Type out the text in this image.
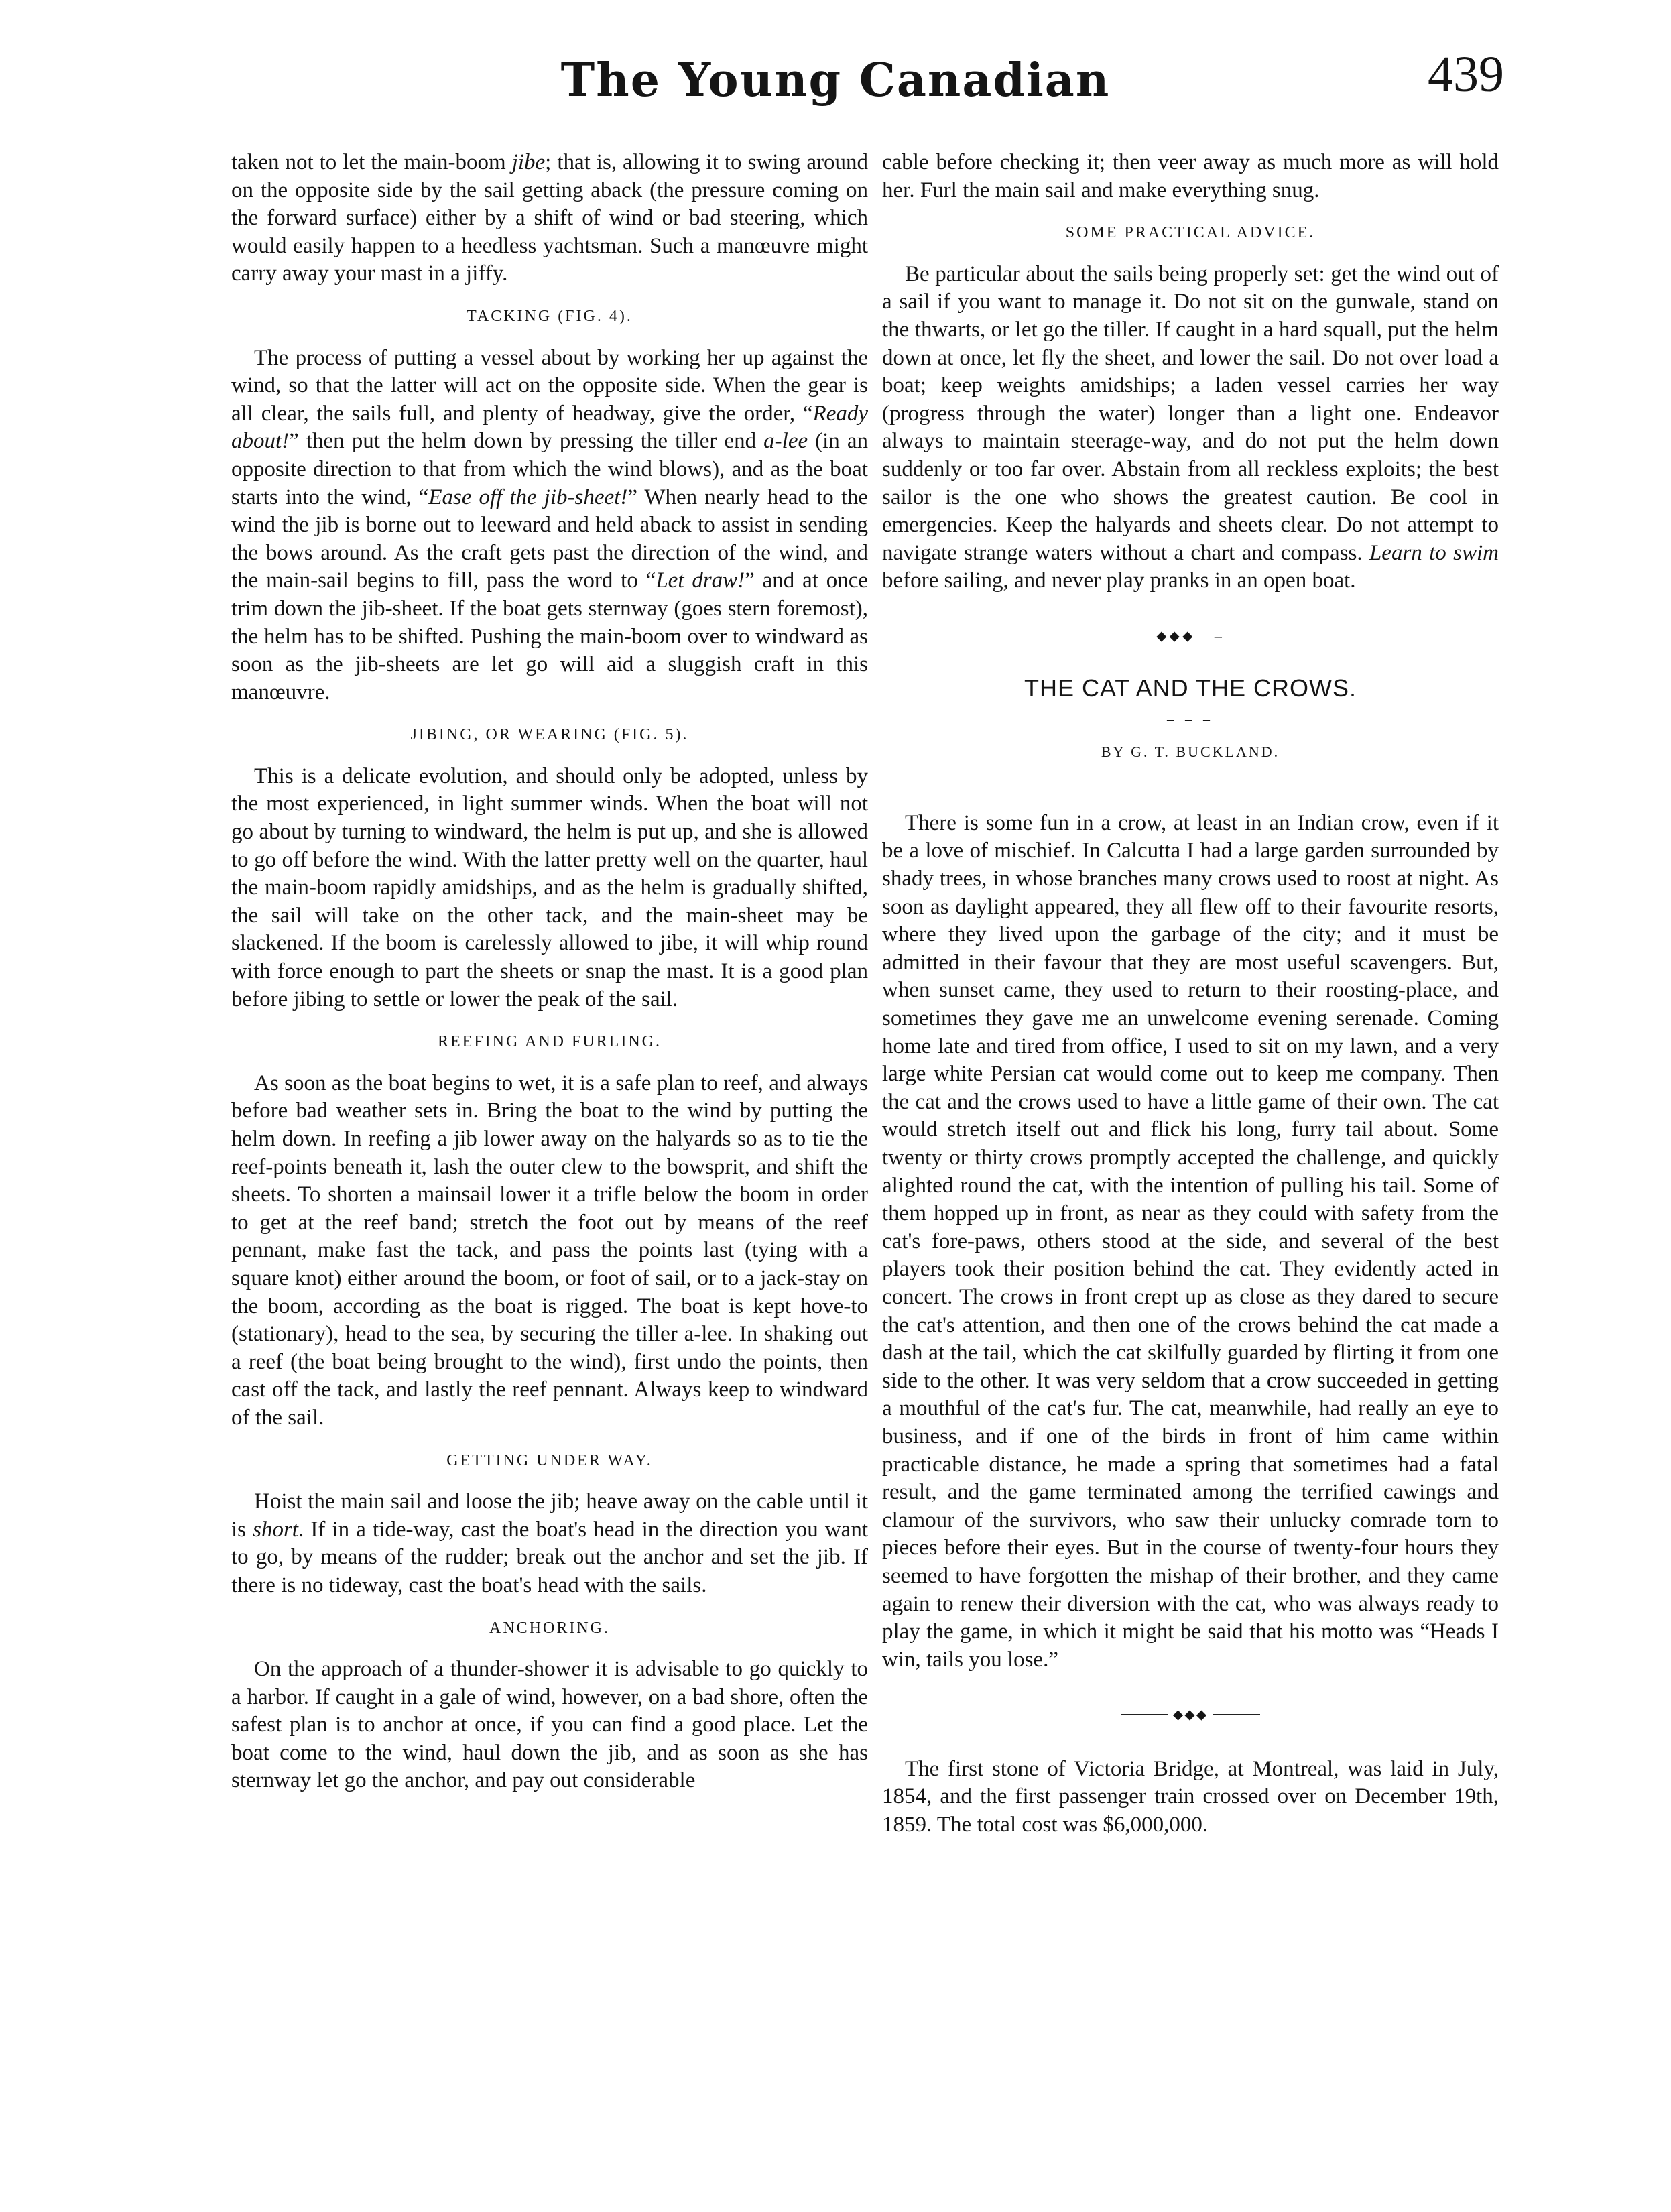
The Young Canadian	439

taken not to let the main-boom jibe; that is, allowing it to swing around on the opposite side by the sail getting aback (the pressure coming on the forward surface) either by a shift of wind or bad steering, which would easily happen to a heedless yachtsman. Such a manœuvre might carry away your mast in a jiffy.

TACKING (FIG. 4).

The process of putting a vessel about by working her up against the wind, so that the latter will act on the opposite side. When the gear is all clear, the sails full, and plenty of headway, give the order, “Ready about!” then put the helm down by pressing the tiller end a-lee (in an opposite direction to that from which the wind blows), and as the boat starts into the wind, “Ease off the jib-sheet!” When nearly head to the wind the jib is borne out to leeward and held aback to assist in sending the bows around. As the craft gets past the direction of the wind, and the main-sail begins to fill, pass the word to “Let draw!” and at once trim down the jib-sheet. If the boat gets sternway (goes stern foremost), the helm has to be shifted. Pushing the main-boom over to windward as soon as the jib-sheets are let go will aid a sluggish craft in this manœuvre.

JIBING, OR WEARING (FIG. 5).

This is a delicate evolution, and should only be adopted, unless by the most experienced, in light summer winds. When the boat will not go about by turning to windward, the helm is put up, and she is allowed to go off before the wind. With the latter pretty well on the quarter, haul the main-boom rapidly amidships, and as the helm is gradually shifted, the sail will take on the other tack, and the main-sheet may be slackened. If the boom is carelessly allowed to jibe, it will whip round with force enough to part the sheets or snap the mast. It is a good plan before jibing to settle or lower the peak of the sail.

REEFING AND FURLING.

As soon as the boat begins to wet, it is a safe plan to reef, and always before bad weather sets in. Bring the boat to the wind by putting the helm down. In reefing a jib lower away on the halyards so as to tie the reef-points beneath it, lash the outer clew to the bowsprit, and shift the sheets. To shorten a mainsail lower it a trifle below the boom in order to get at the reef band; stretch the foot out by means of the reef pennant, make fast the tack, and pass the points last (tying with a square knot) either around the boom, or foot of sail, or to a jack-stay on the boom, according as the boat is rigged. The boat is kept hove-to (stationary), head to the sea, by securing the tiller a-lee. In shaking out a reef (the boat being brought to the wind), first undo the points, then cast off the tack, and lastly the reef pennant. Always keep to windward of the sail.

GETTING UNDER WAY.

Hoist the main sail and loose the jib; heave away on the cable until it is short. If in a tide-way, cast the boat's head in the direction you want to go, by means of the rudder; break out the anchor and set the jib. If there is no tideway, cast the boat's head with the sails.

ANCHORING.

On the approach of a thunder-shower it is advisable to go quickly to a harbor. If caught in a gale of wind, however, on a bad shore, often the safest plan is to anchor at once, if you can find a good place. Let the boat come to the wind, haul down the jib, and as soon as she has sternway let go the anchor, and pay out considerable

cable before checking it; then veer away as much more as will hold her. Furl the main sail and make everything snug.

SOME PRACTICAL ADVICE.

Be particular about the sails being properly set: get the wind out of a sail if you want to manage it. Do not sit on the gunwale, stand on the thwarts, or let go the tiller. If caught in a hard squall, put the helm down at once, let fly the sheet, and lower the sail. Do not over load a boat; keep weights amidships; a laden vessel carries her way (progress through the water) longer than a light one. Endeavor always to maintain steerage-way, and do not put the helm down suddenly or too far over. Abstain from all reckless exploits; the best sailor is the one who shows the greatest caution. Be cool in emergencies. Keep the halyards and sheets clear. Do not attempt to navigate strange waters without a chart and compass. Learn to swim before sailing, and never play pranks in an open boat.

⬥⬥⬥   –
THE CAT AND THE CROWS.
– – –
BY G. T. BUCKLAND.
– – – –

There is some fun in a crow, at least in an Indian crow, even if it be a love of mischief. In Calcutta I had a large garden surrounded by shady trees, in whose branches many crows used to roost at night. As soon as daylight appeared, they all flew off to their favourite resorts, where they lived upon the garbage of the city; and it must be admitted in their favour that they are most useful scavengers. But, when sunset came, they used to return to their roosting-place, and sometimes they gave me an unwelcome evening serenade. Coming home late and tired from office, I used to sit on my lawn, and a very large white Persian cat would come out to keep me company. Then the cat and the crows used to have a little game of their own. The cat would stretch itself out and flick his long, furry tail about. Some twenty or thirty crows promptly accepted the challenge, and quickly alighted round the cat, with the intention of pulling his tail. Some of them hopped up in front, as near as they could with safety from the cat's fore-paws, others stood at the side, and several of the best players took their position behind the cat. They evidently acted in concert. The crows in front crept up as close as they dared to secure the cat's attention, and then one of the crows behind the cat made a dash at the tail, which the cat skilfully guarded by flirting it from one side to the other. It was very seldom that a crow succeeded in getting a mouthful of the cat's fur. The cat, meanwhile, had really an eye to business, and if one of the birds in front of him came within practicable distance, he made a spring that sometimes had a fatal result, and the game terminated among the terrified cawings and clamour of the survivors, who saw their unlucky comrade torn to pieces before their eyes. But in the course of twenty-four hours they seemed to have forgotten the mishap of their brother, and they came again to renew their diversion with the cat, who was always ready to play the game, in which it might be said that his motto was “Heads I win, tails you lose.”

⬥⬥⬥

The first stone of Victoria Bridge, at Montreal, was laid in July, 1854, and the first passenger train crossed over on December 19th, 1859. The total cost was $6,000,000.
